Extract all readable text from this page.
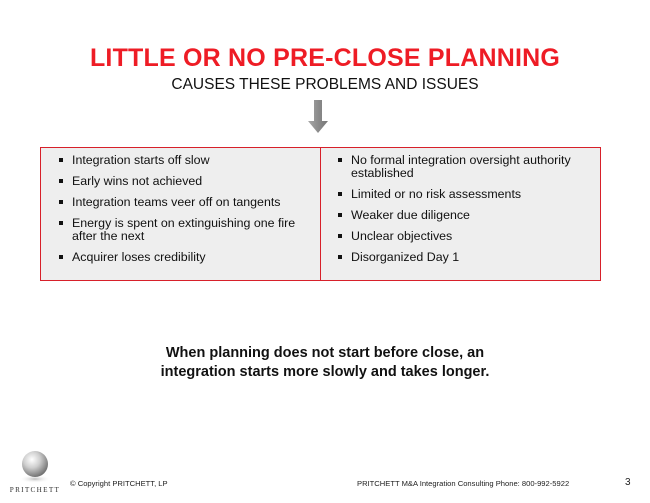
LITTLE OR NO PRE-CLOSE PLANNING
CAUSES THESE PROBLEMS AND ISSUES
Integration starts off slow
Early wins not achieved
Integration teams veer off on tangents
Energy is spent on extinguishing one fire after the next
Acquirer loses credibility
No formal integration oversight authority established
Limited or no risk assessments
Weaker due diligence
Unclear objectives
Disorganized Day 1
When planning does not start before close, an
integration starts more slowly and takes longer.
PRITCHETT
© Copyright PRITCHETT, LP	PRITCHETT M&A Integration Consulting Phone: 800-992-5922	3
